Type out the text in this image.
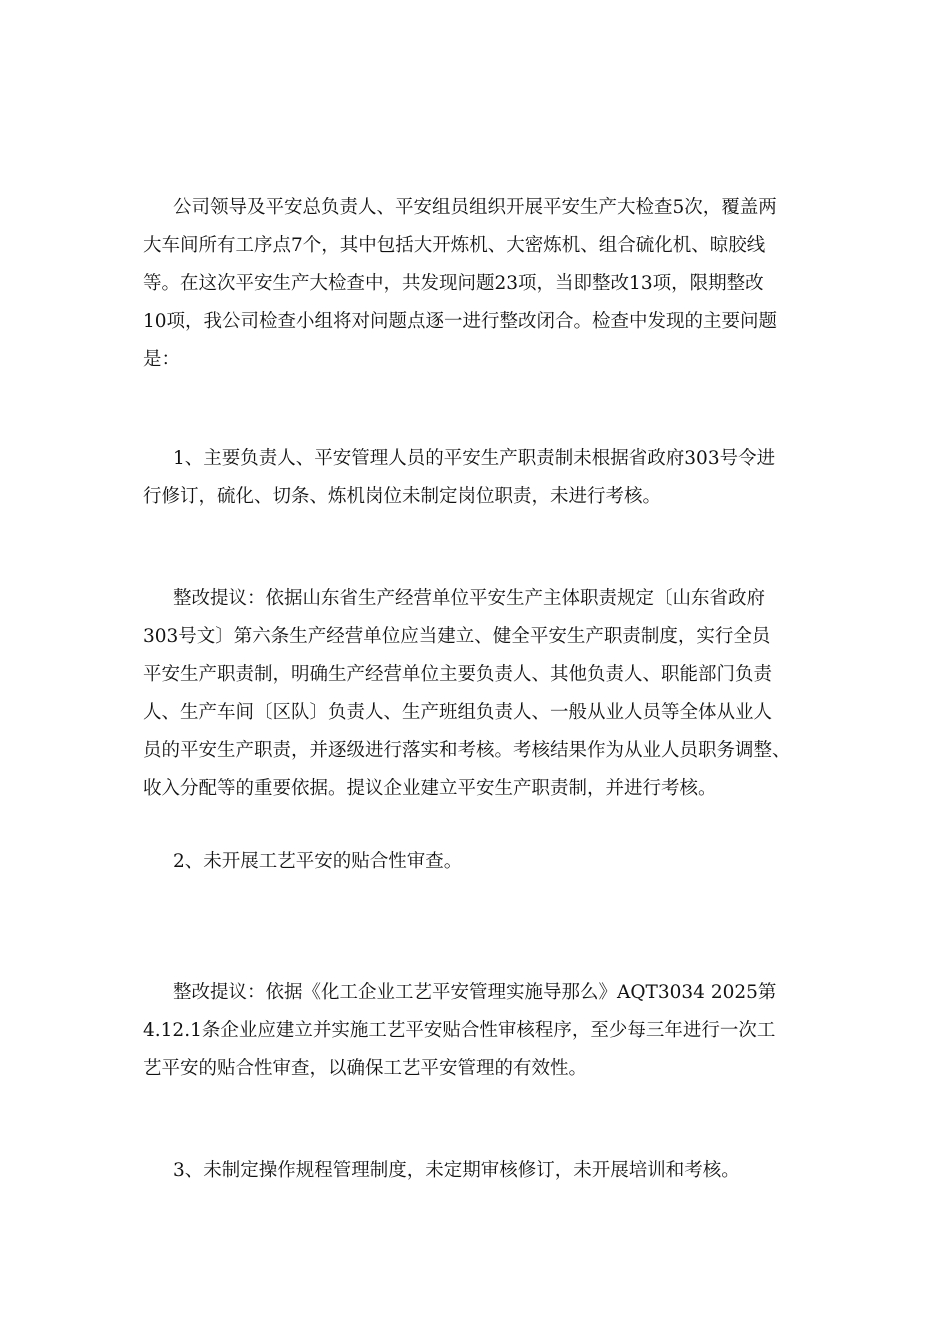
公司领导及平安总负责人、平安组员组织开展平安生产大检查5次，覆盖两
大车间所有工序点7个，其中包括大开炼机、大密炼机、组合硫化机、晾胶线
等。在这次平安生产大检查中，共发现问题23项，当即整改13项，限期整改
10项，我公司检查小组将对问题点逐一进行整改闭合。检查中发现的主要问题
是：
1、主要负责人、平安管理人员的平安生产职责制未根据省政府303号令进
行修订，硫化、切条、炼机岗位未制定岗位职责，未进行考核。
整改提议：依据山东省生产经营单位平安生产主体职责规定〔山东省政府
303号文〕第六条生产经营单位应当建立、健全平安生产职责制度，实行全员
平安生产职责制，明确生产经营单位主要负责人、其他负责人、职能部门负责
人、生产车间〔区队〕负责人、生产班组负责人、一般从业人员等全体从业人
员的平安生产职责，并逐级进行落实和考核。考核结果作为从业人员职务调整、
收入分配等的重要依据。提议企业建立平安生产职责制，并进行考核。
2、未开展工艺平安的贴合性审查。
整改提议：依据《化工企业工艺平安管理实施导那么》AQT3034 2025第
4.12.1条企业应建立并实施工艺平安贴合性审核程序，至少每三年进行一次工
艺平安的贴合性审查，以确保工艺平安管理的有效性。
3、未制定操作规程管理制度，未定期审核修订，未开展培训和考核。
